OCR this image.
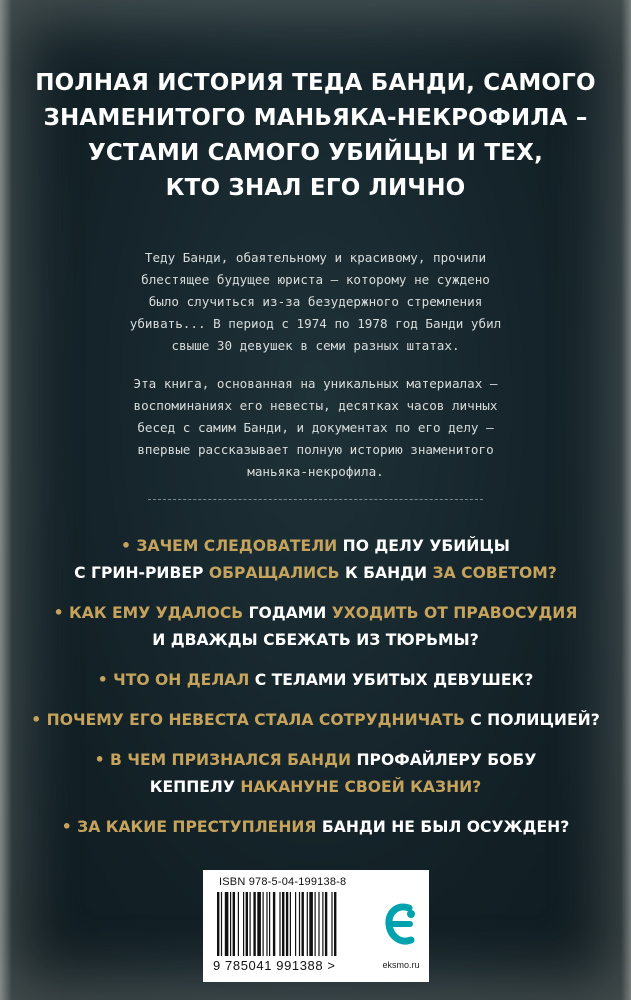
ПОЛНАЯ ИСТОРИЯ ТЕДА БАНДИ, САМОГО
ЗНАМЕНИТОГО МАНЬЯКА-НЕКРОФИЛА –
УСТАМИ САМОГО УБИЙЦЫ И ТЕХ,
КТО ЗНАЛ ЕГО ЛИЧНО
Теду Банди, обаятельному и красивому, прочили
блестящее будущее юриста — которому не суждено
было случиться из-за безудержного стремления
убивать... В период с 1974 по 1978 год Банди убил
свыше 30 девушек в семи разных штатах.
Эта книга, основанная на уникальных материалах —
воспоминаниях его невесты, десятках часов личных
бесед с самим Банди, и документах по его делу —
впервые рассказывает полную историю знаменитого
маньяка-некрофила.
• ЗАЧЕМ СЛЕДОВАТЕЛИ ПО ДЕЛУ УБИЙЦЫ
С ГРИН-РИВЕР ОБРАЩАЛИСЬ К БАНДИ ЗА СОВЕТОМ?
• КАК ЕМУ УДАЛОСЬ ГОДАМИ УХОДИТЬ ОТ ПРАВОСУДИЯ
И ДВАЖДЫ СБЕЖАТЬ ИЗ ТЮРЬМЫ?
• ЧТО ОН ДЕЛАЛ С ТЕЛАМИ УБИТЫХ ДЕВУШЕК?
• ПОЧЕМУ ЕГО НЕВЕСТА СТАЛА СОТРУДНИЧАТЬ С ПОЛИЦИЕЙ?
• В ЧЕМ ПРИЗНАЛСЯ БАНДИ ПРОФАЙЛЕРУ БОБУ
КЕППЕЛУ НАКАНУНЕ СВОЕЙ КАЗНИ?
• ЗА КАКИЕ ПРЕСТУПЛЕНИЯ БАНДИ НЕ БЫЛ ОСУЖДЕН?
ISBN 978-5-04-199138-8
9 785041 991388 >	eksmo.ru
